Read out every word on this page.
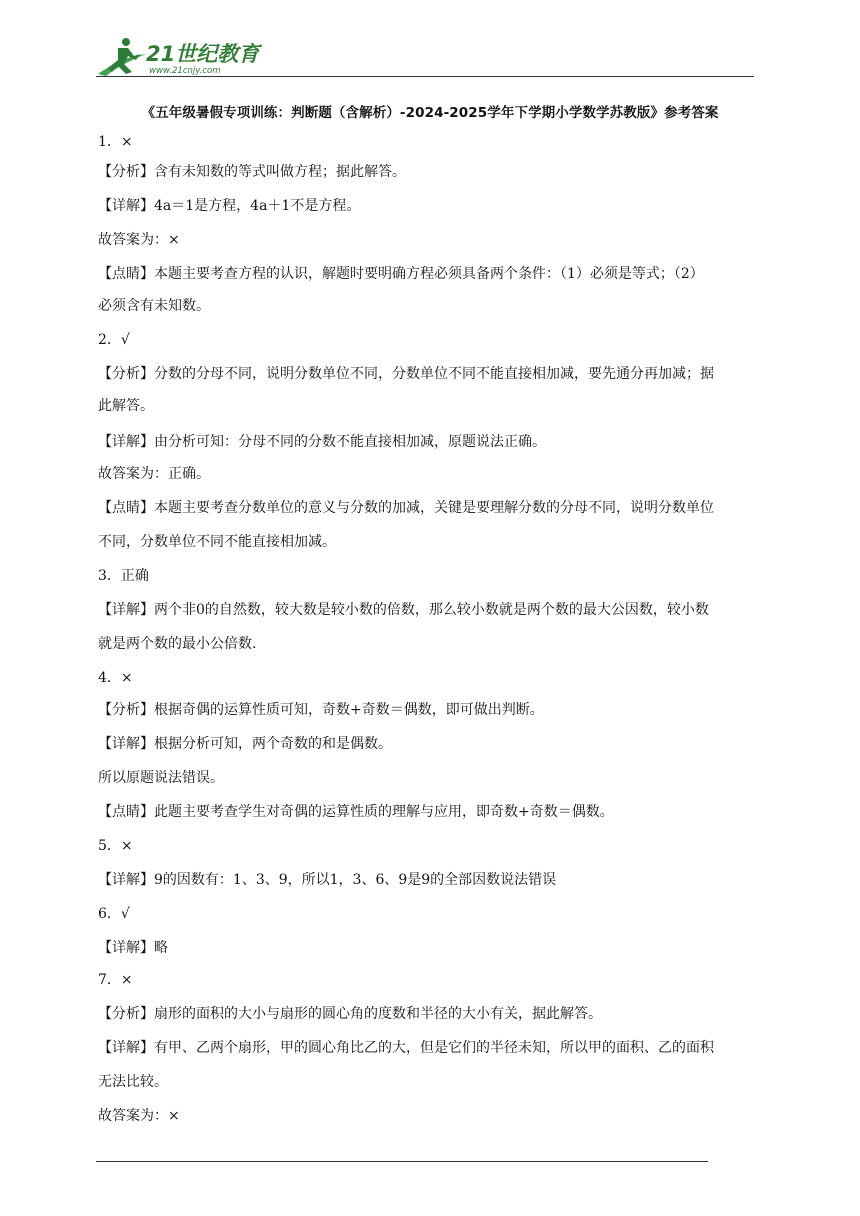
21世纪教育
www.21cnjy.com
《五年级暑假专项训练：判断题（含解析）-2024-2025学年下学期小学数学苏教版》参考答案
1．×
【分析】含有未知数的等式叫做方程；据此解答。
【详解】4a＝1是方程，4a＋1不是方程。
故答案为：×
【点睛】本题主要考查方程的认识，解题时要明确方程必须具备两个条件：（1）必须是等式；（2）
必须含有未知数。
2．√
【分析】分数的分母不同，说明分数单位不同，分数单位不同不能直接相加减，要先通分再加减；据
此解答。
【详解】由分析可知：分母不同的分数不能直接相加减，原题说法正确。
故答案为：正确。
【点睛】本题主要考查分数单位的意义与分数的加减，关键是要理解分数的分母不同，说明分数单位
不同，分数单位不同不能直接相加减。
3．正确
【详解】两个非0的自然数，较大数是较小数的倍数，那么较小数就是两个数的最大公因数，较小数
就是两个数的最小公倍数.
4．×
【分析】根据奇偶的运算性质可知，奇数+奇数＝偶数，即可做出判断。
【详解】根据分析可知，两个奇数的和是偶数。
所以原题说法错误。
【点睛】此题主要考查学生对奇偶的运算性质的理解与应用，即奇数+奇数＝偶数。
5．×
【详解】9的因数有：1、3、9，所以1，3、6、9是9的全部因数说法错误
6．√
【详解】略
7．×
【分析】扇形的面积的大小与扇形的圆心角的度数和半径的大小有关，据此解答。
【详解】有甲、乙两个扇形，甲的圆心角比乙的大，但是它们的半径未知，所以甲的面积、乙的面积
无法比较。
故答案为：×
